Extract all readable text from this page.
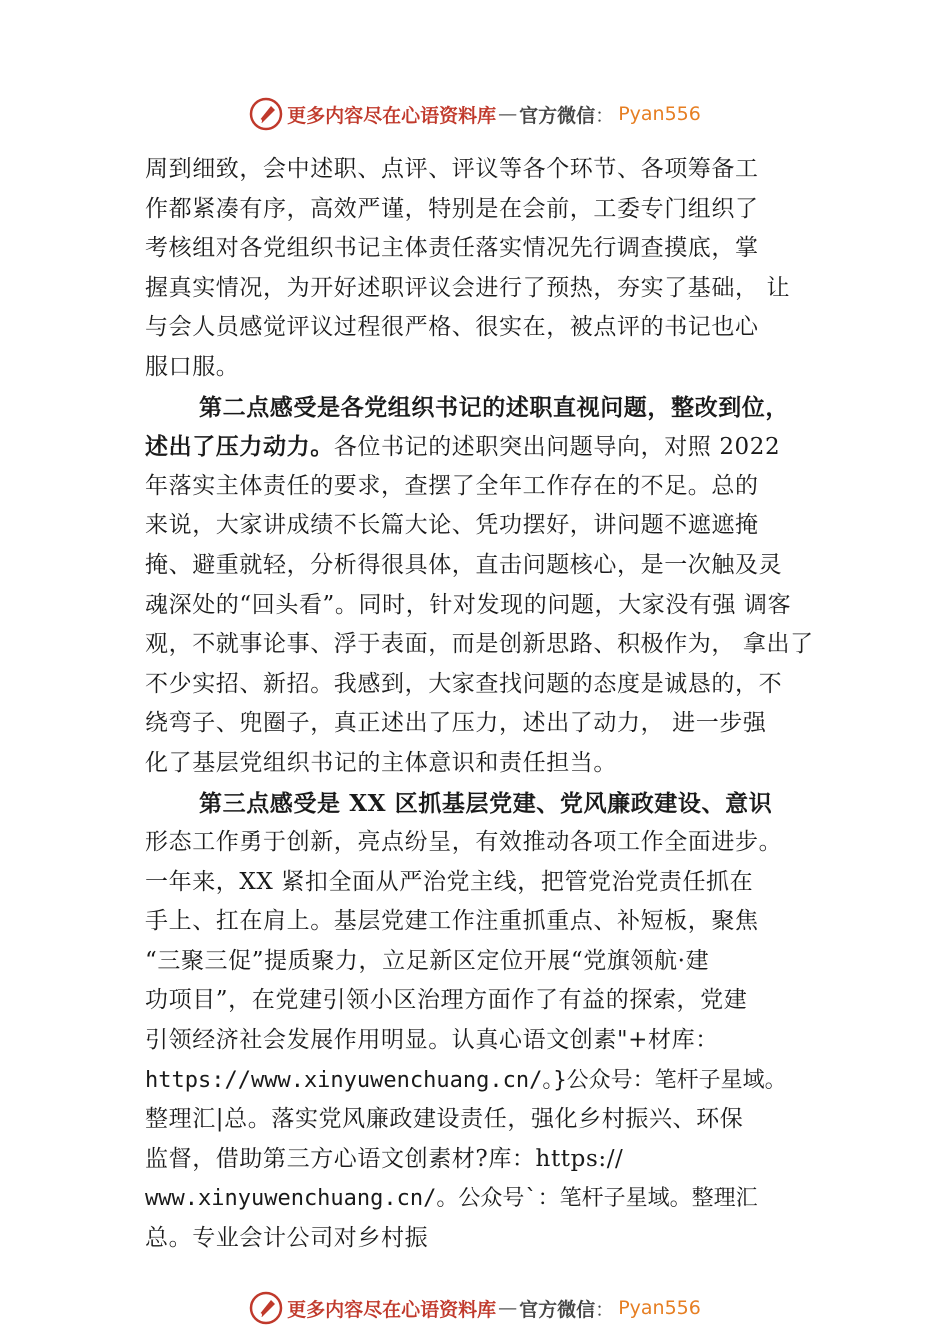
更多内容尽在心语资料库 — 官方微信 ： Pyan556
周到细致，会中述职、点评、评议等各个环节、各项筹备工
作都紧凑有序，高效严谨，特别是在会前，工委专门组织了
考核组对各党组织书记主体责任落实情况先行调查摸底，掌
握真实情况，为开好述职评议会进行了预热，夯实了基础， 让
与会人员感觉评议过程很严格、很实在，被点评的书记也心
服口服。
第二点感受是各党组织书记的述职直视问题，整改到位，
述出了压力动力。各位书记的述职突出问题导向，对照 2022
年落实主体责任的要求，查摆了全年工作存在的不足。总的
来说，大家讲成绩不长篇大论、凭功摆好，讲问题不遮遮掩
掩、避重就轻，分析得很具体，直击问题核心，是一次触及灵
魂深处的“回头看”。同时，针对发现的问题，大家没有强 调客
观，不就事论事、浮于表面，而是创新思路、积极作为， 拿出了
不少实招、新招。我感到，大家查找问题的态度是诚恳的，不
绕弯子、兜圈子，真正述出了压力，述出了动力， 进一步强
化了基层党组织书记的主体意识和责任担当。
第三点感受是 XX 区抓基层党建、党风廉政建设、意识
形态工作勇于创新，亮点纷呈，有效推动各项工作全面进步。
一年来，XX 紧扣全面从严治党主线，把管党治党责任抓在
手上、扛在肩上。基层党建工作注重抓重点、补短板，聚焦
“三聚三促”提质聚力，立足新区定位开展“党旗领航·建
功项目”，在党建引领小区治理方面作了有益的探索，党建
引领经济社会发展作用明显。认真心语文创素"+材库：
https://www.xinyuwenchuang.cn/。}公众号：笔杆子星域。
整理汇|总。落实党风廉政建设责任，强化乡村振兴、环保
监督，借助第三方心语文创素材?库：https://
www.xinyuwenchuang.cn/。公众号`：笔杆子星域。整理汇
总。专业会计公司对乡村振
更多内容尽在心语资料库 — 官方微信 ： Pyan556
